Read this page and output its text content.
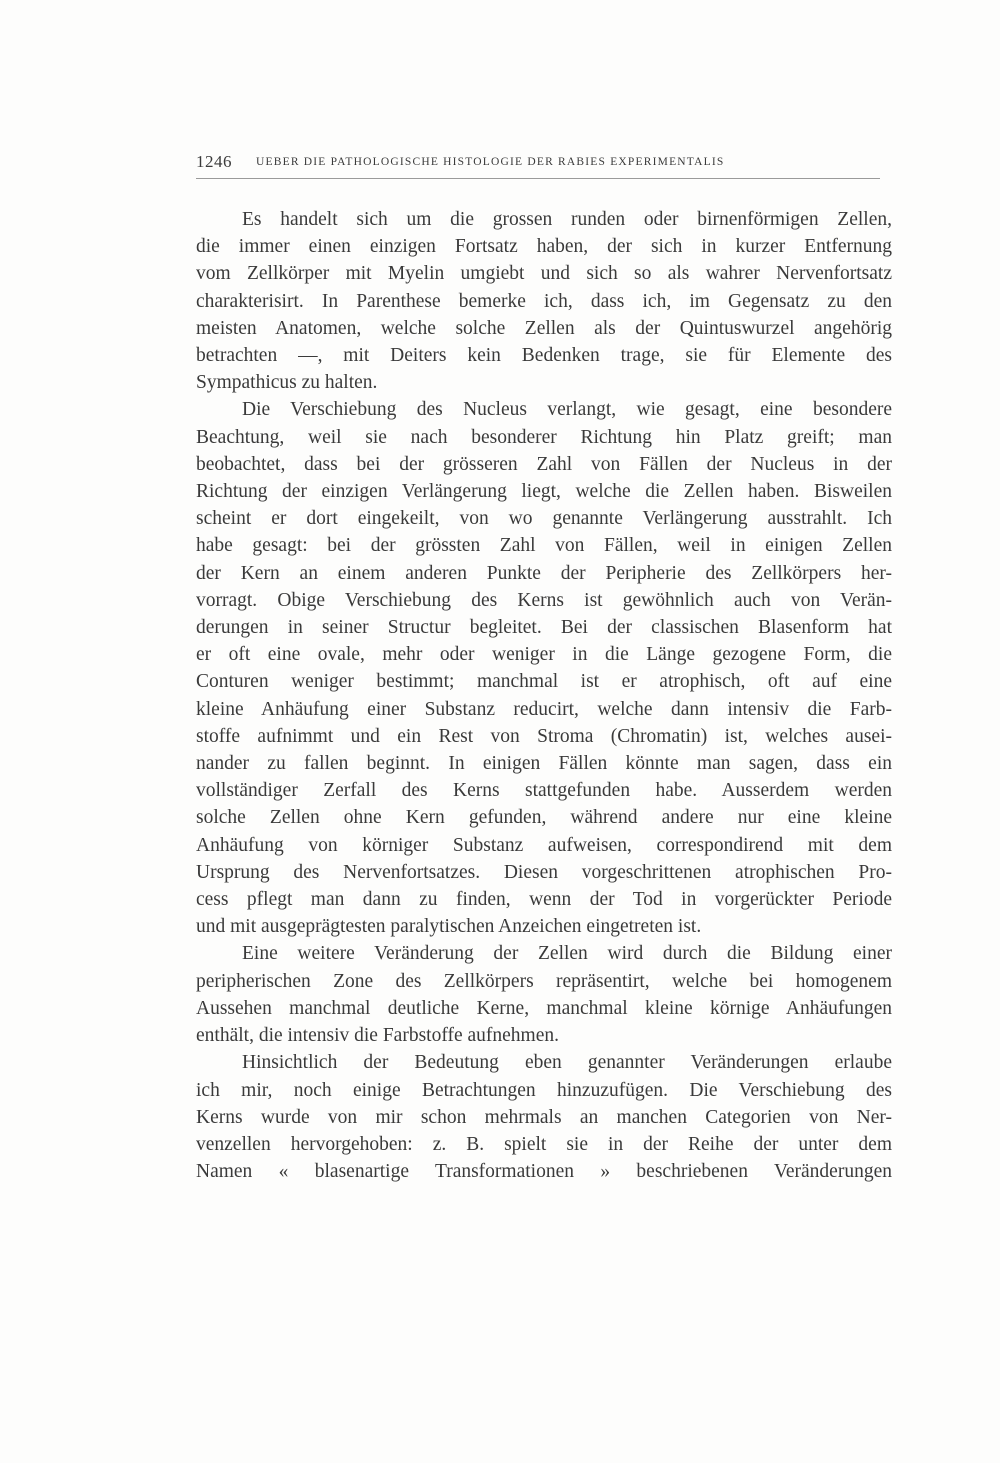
1246 UEBER DIE PATHOLOGISCHE HISTOLOGIE DER RABIES EXPERIMENTALIS

Es handelt sich um die grossen runden oder birnenförmigen Zellen,
die immer einen einzigen Fortsatz haben, der sich in kurzer Entfernung
vom Zellkörper mit Myelin umgiebt und sich so als wahrer Nervenfortsatz
charakterisirt. In Parenthese bemerke ich, dass ich, im Gegensatz zu den
meisten Anatomen, welche solche Zellen als der Quintuswurzel angehörig
betrachten —, mit Deiters kein Bedenken trage, sie für Elemente des
Sympathicus zu halten.

Die Verschiebung des Nucleus verlangt, wie gesagt, eine besondere
Beachtung, weil sie nach besonderer Richtung hin Platz greift; man
beobachtet, dass bei der grösseren Zahl von Fällen der Nucleus in der
Richtung der einzigen Verlängerung liegt, welche die Zellen haben. Bisweilen
scheint er dort eingekeilt, von wo genannte Verlängerung ausstrahlt. Ich
habe gesagt: bei der grössten Zahl von Fällen, weil in einigen Zellen
der Kern an einem anderen Punkte der Peripherie des Zellkörpers her-
vorragt. Obige Verschiebung des Kerns ist gewöhnlich auch von Verän-
derungen in seiner Structur begleitet. Bei der classischen Blasenform hat
er oft eine ovale, mehr oder weniger in die Länge gezogene Form, die
Conturen weniger bestimmt; manchmal ist er atrophisch, oft auf eine
kleine Anhäufung einer Substanz reducirt, welche dann intensiv die Farb-
stoffe aufnimmt und ein Rest von Stroma (Chromatin) ist, welches ausei-
nander zu fallen beginnt. In einigen Fällen könnte man sagen, dass ein
vollständiger Zerfall des Kerns stattgefunden habe. Ausserdem werden
solche Zellen ohne Kern gefunden, während andere nur eine kleine
Anhäufung von körniger Substanz aufweisen, correspondirend mit dem
Ursprung des Nervenfortsatzes. Diesen vorgeschrittenen atrophischen Pro-
cess pflegt man dann zu finden, wenn der Tod in vorgerückter Periode
und mit ausgeprägtesten paralytischen Anzeichen eingetreten ist.

Eine weitere Veränderung der Zellen wird durch die Bildung einer
peripherischen Zone des Zellkörpers repräsentirt, welche bei homogenem
Aussehen manchmal deutliche Kerne, manchmal kleine körnige Anhäufungen
enthält, die intensiv die Farbstoffe aufnehmen.

Hinsichtlich der Bedeutung eben genannter Veränderungen erlaube
ich mir, noch einige Betrachtungen hinzuzufügen. Die Verschiebung des
Kerns wurde von mir schon mehrmals an manchen Categorien von Ner-
venzellen hervorgehoben: z. B. spielt sie in der Reihe der unter dem
Namen « blasenartige Transformationen » beschriebenen Veränderungen
